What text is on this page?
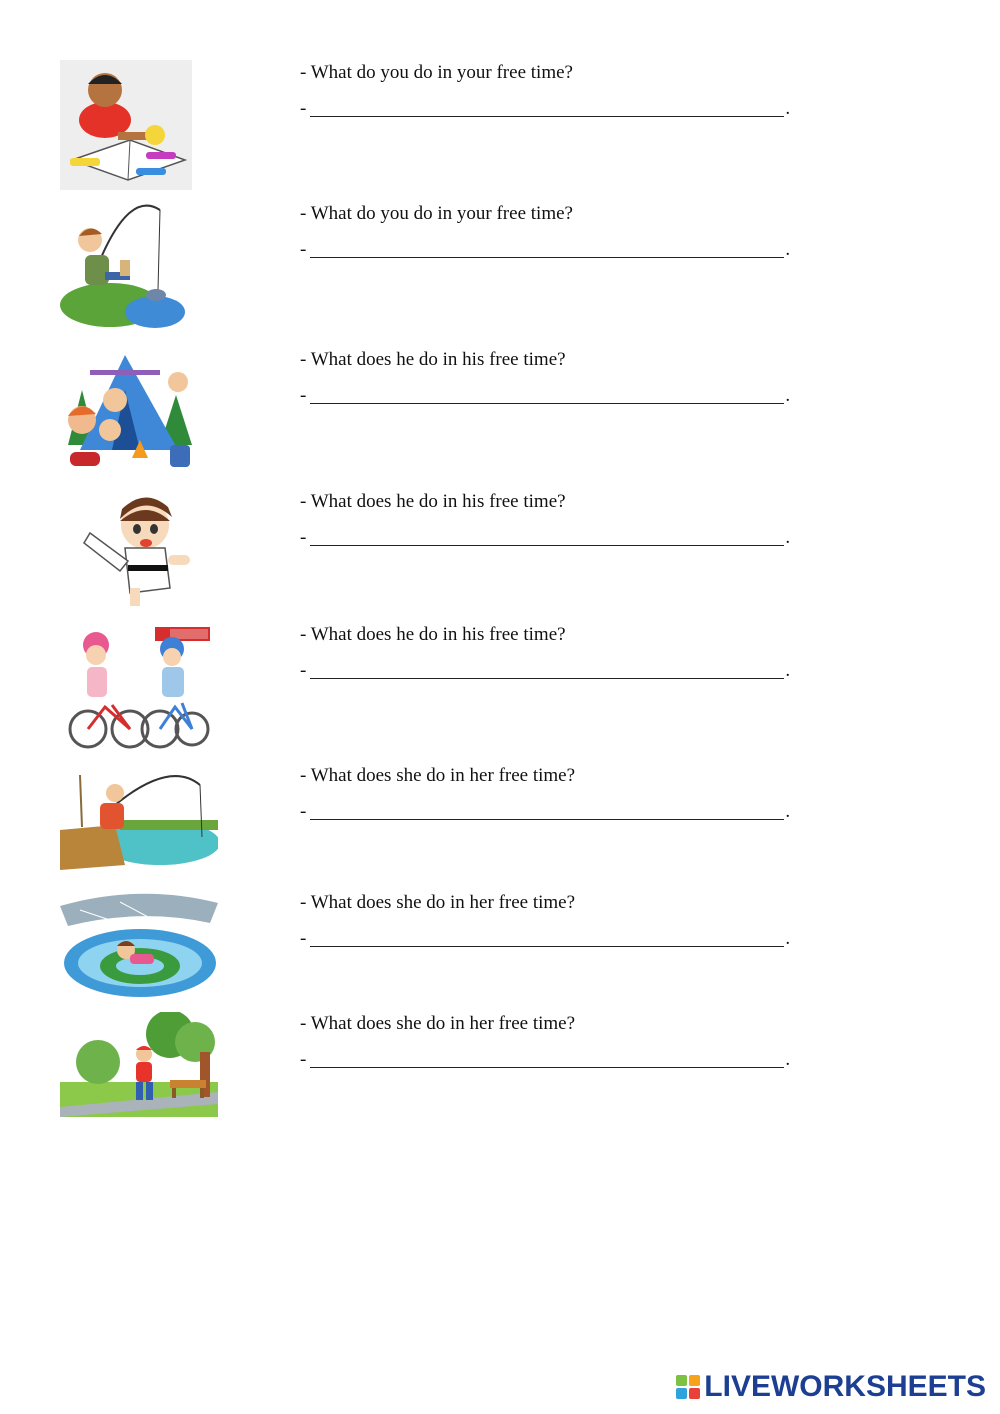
- What do you do in your free time?
-	.
- What do you do in your free time?
-	.
- What does he do in his free time?
-	.
- What does he do in his free time?
-	.
- What does he do in his free time?
-	.
- What does she do in her free time?
-	.
- What does she do in her free time?
-	.
- What does she do in her free time?
-	.
LIVEWORKSHEETS
